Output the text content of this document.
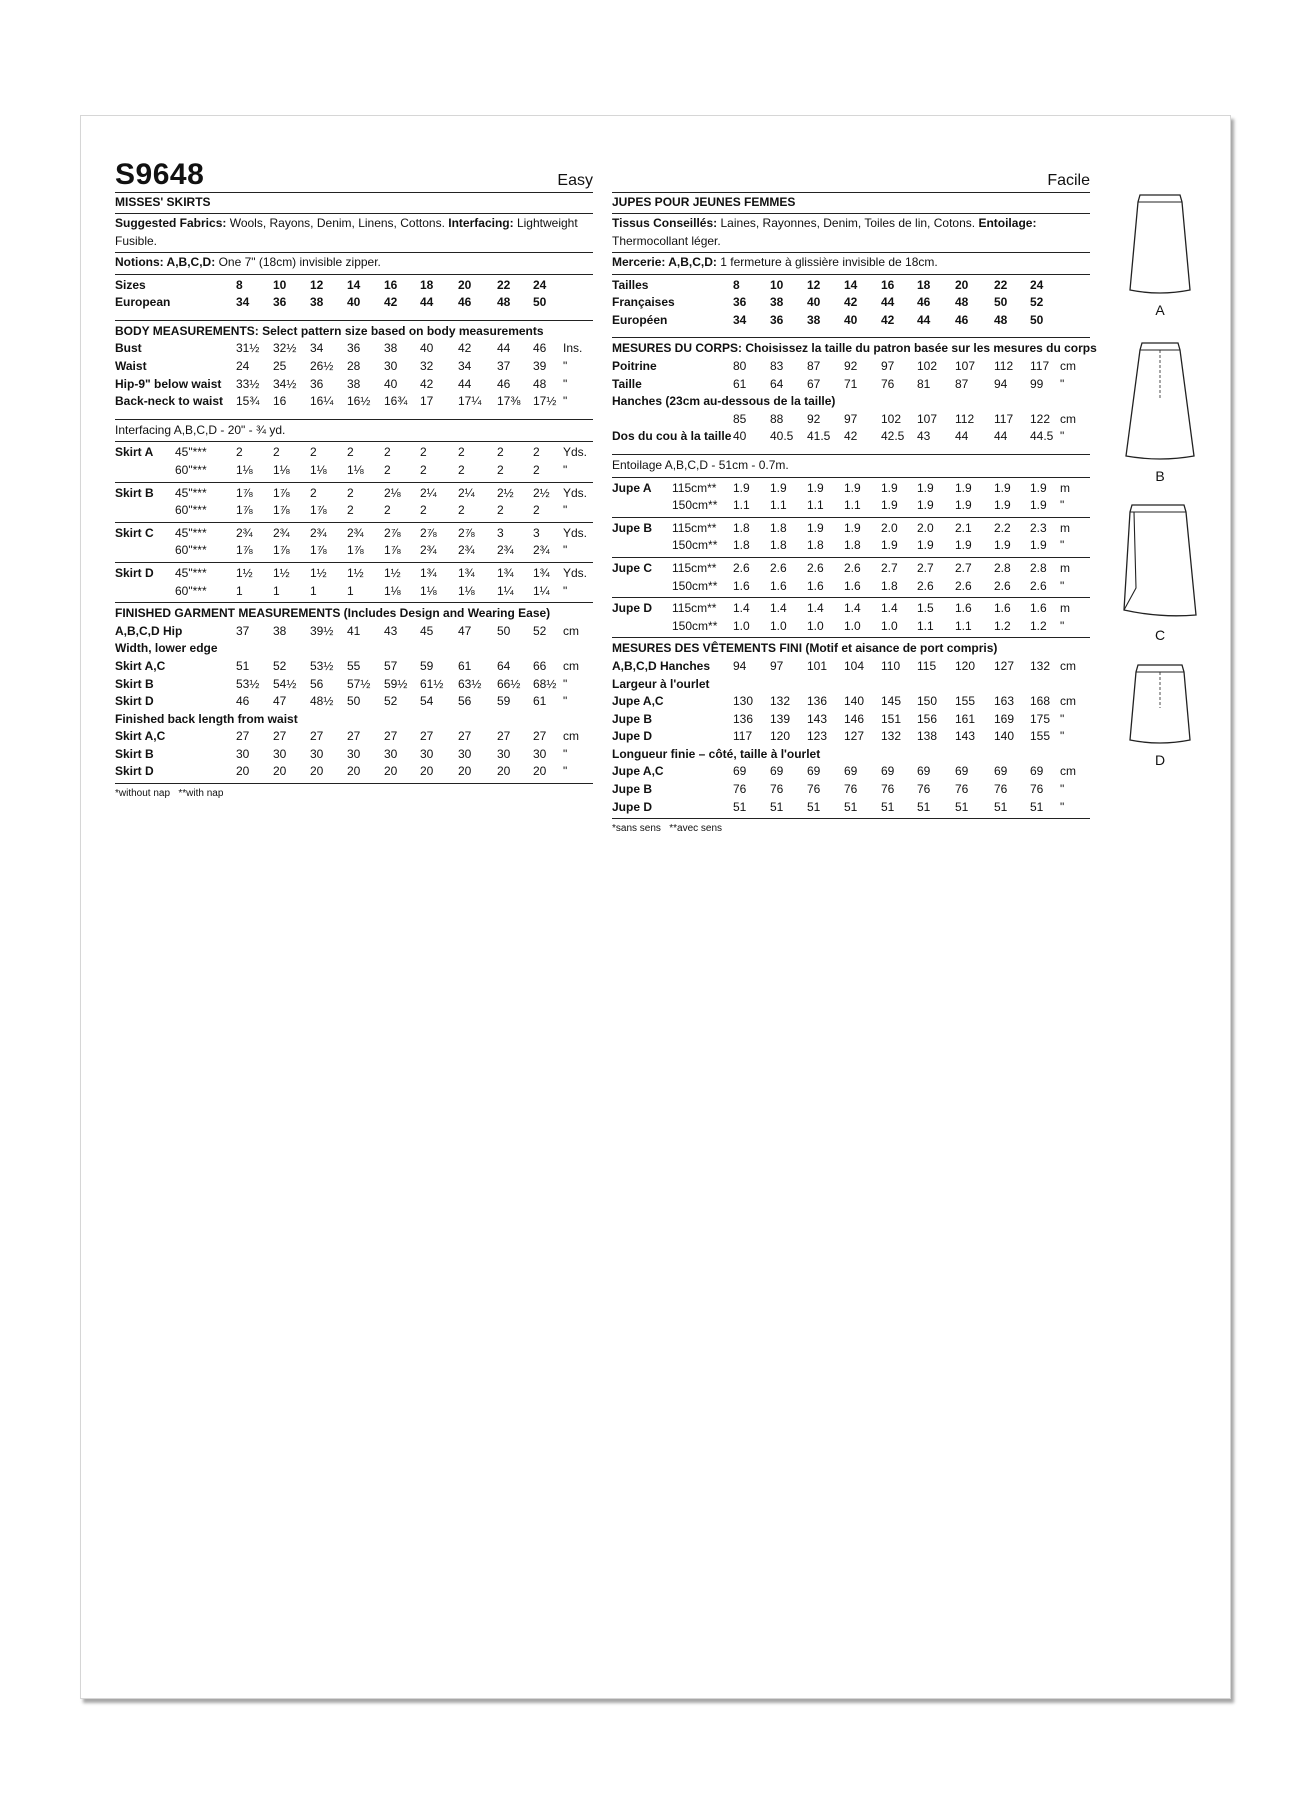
S9648	Easy
MISSES' SKIRTS
Suggested Fabrics: Wools, Rayons, Denim, Linens, Cottons. Interfacing: Lightweight Fusible.
Notions: A,B,C,D: One 7" (18cm) invisible zipper.
Sizes	8	10 12 14 16 18 20 22 24
European	34 36 38 40 42 44 46 48 50
BODY MEASUREMENTS: Select pattern size based on body measurements
Bust	31½ 32½ 34 36 38 40 42 44 46 Ins.
Waist	24 25 26½ 28 30 32 34 37 39 "
Hip-9" below waist 33½ 34½ 36 38 40 42 44 46 48 "
Back-neck to waist 15¾ 16 16¼ 16½ 16¾ 17 17¼ 17⅜ 17½ "
Interfacing A,B,C,D - 20" - ¾ yd.
Skirt A 45"*** 2	2	2	2	2 2	2	2 2 Yds.
60"*** 1⅛ 1⅛ 1⅛ 1⅛ 2 2	2	2 2 "
Skirt B 45"*** 1⅞ 1⅞ 2	2	2⅛ 2¼ 2¼ 2½ 2½ Yds.
60"*** 1⅞ 1⅞ 1⅞ 2	2 2	2	2 2 "
Skirt C 45"*** 2¾ 2¾ 2¾ 2¾ 2⅞ 2⅞ 2⅞ 3 3 Yds.
60"*** 1⅞ 1⅞ 1⅞ 1⅞ 1⅞ 2¾ 2¾ 2¾ 2¾ "
Skirt D 45"*** 1½ 1½ 1½ 1½ 1½ 1¾ 1¾ 1¾ 1¾ Yds.
60"*** 1	1	1	1	1⅛ 1⅛ 1⅛ 1¼ 1¼ "
FINISHED GARMENT MEASUREMENTS (Includes Design and Wearing Ease)
A,B,C,D Hip	37 38 39½ 41 43 45 47 50 52 cm
Width, lower edge
Skirt A,C	51 52 53½ 55 57 59 61 64 66 cm
Skirt B	53½ 54½ 56 57½ 59½ 61½ 63½ 66½ 68½ "
Skirt D	46 47 48½ 50 52 54 56 59 61 "
Finished back length from waist
Skirt A,C	27 27 27 27 27 27 27 27 27 cm
Skirt B	30 30 30 30 30 30 30 30 30 "
Skirt D	20 20 20 20 20 20 20 20 20 "
*without nap   **with nap
Facile
JUPES POUR JEUNES FEMMES
Tissus Conseillés: Laines, Rayonnes, Denim, Toiles de lin, Cotons. Entoilage:
Thermocollant léger.
Mercerie: A,B,C,D: 1 fermeture à glissière invisible de 18cm.
Tailles	8	10 12 14 16 18 20 22 24
Françaises	36 38 40 42 44 46 48 50 52
Européen	34 36 38 40 42 44 46 48 50
MESURES DU CORPS: Choisissez la taille du patron basée sur les mesures du corps
Poitrine	80 83 87 92 97 102 107 112 117 cm
Taille	61 64 67 71 76 81 87 94 99 "
Hanches (23cm au-dessous de la taille)
85 88 92 97 102 107 112 117 122 cm
Dos du cou à la taille 40 40.5 41.5 42 42.5 43 44 44 44.5 "
Entoilage A,B,C,D - 51cm - 0.7m.
Jupe A 115cm** 1.9 1.9 1.9 1.9 1.9 1.9 1.9 1.9 1.9 m
150cm** 1.1 1.1 1.1 1.1 1.9 1.9 1.9 1.9 1.9 "
Jupe B 115cm** 1.8 1.8 1.9 1.9 2.0 2.0 2.1 2.2 2.3 m
150cm** 1.8 1.8 1.8 1.8 1.9 1.9 1.9 1.9 1.9 "
Jupe C 115cm** 2.6 2.6 2.6 2.6 2.7 2.7 2.7 2.8 2.8 m
150cm** 1.6 1.6 1.6 1.6 1.8 2.6 2.6 2.6 2.6 "
Jupe D 115cm** 1.4 1.4 1.4 1.4 1.4 1.5 1.6 1.6 1.6 m
150cm** 1.0 1.0 1.0 1.0 1.0 1.1 1.1 1.2 1.2 "
MESURES DES VÊTEMENTS FINI (Motif et aisance de port compris)
A,B,C,D Hanches 94 97 101 104 110 115 120 127 132 cm
Largeur à l'ourlet
Jupe A,C	130 132 136 140 145 150 155 163 168 cm
Jupe B	136 139 143 146 151 156 161 169 175 "
Jupe D	117 120 123 127 132 138 143 140 155 "
Longueur finie – côté, taille à l'ourlet
Jupe A,C	69 69 69 69 69 69 69 69 69 cm
Jupe B	76 76 76 76 76 76 76 76 76 "
Jupe D	51 51 51 51 51 51 51 51 51 "
*sans sens   **avec sens
A
B
C
D
